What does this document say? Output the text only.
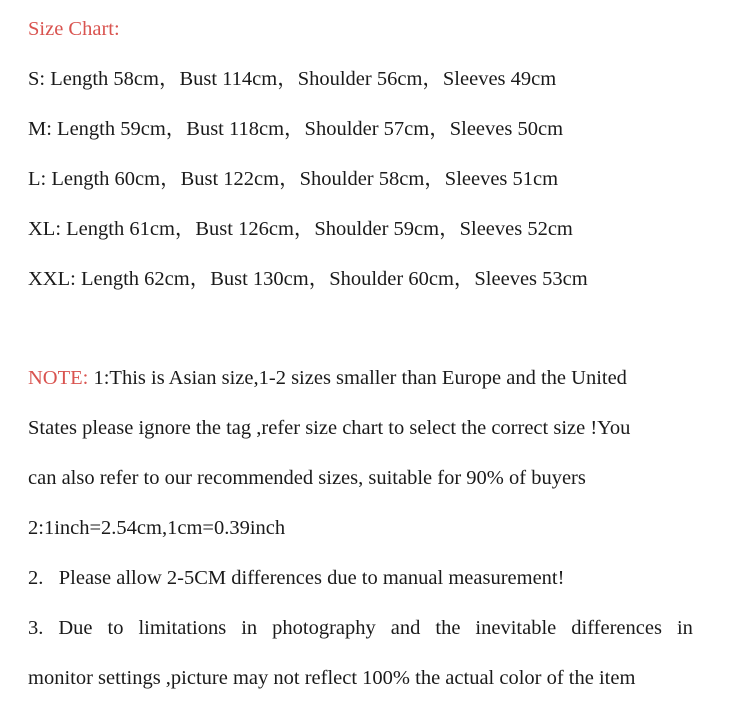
Size Chart:
S: Length 58cm，Bust 114cm，Shoulder 56cm，Sleeves 49cm
M: Length 59cm，Bust 118cm，Shoulder 57cm，Sleeves 50cm
L: Length 60cm，Bust 122cm，Shoulder 58cm，Sleeves 51cm
XL: Length 61cm，Bust 126cm，Shoulder 59cm，Sleeves 52cm
XXL: Length 62cm，Bust 130cm，Shoulder 60cm，Sleeves 53cm
NOTE: 1:This is Asian size,1-2 sizes smaller than Europe and the United
States please ignore the tag ,refer size chart to select the correct size !You
can also refer to our recommended sizes, suitable for 90% of buyers
2:1inch=2.54cm,1cm=0.39inch
2.   Please allow 2-5CM differences due to manual measurement!
3. Due to limitations in photography and the inevitable differences in
monitor settings ,picture may not reflect 100% the actual color of the item
